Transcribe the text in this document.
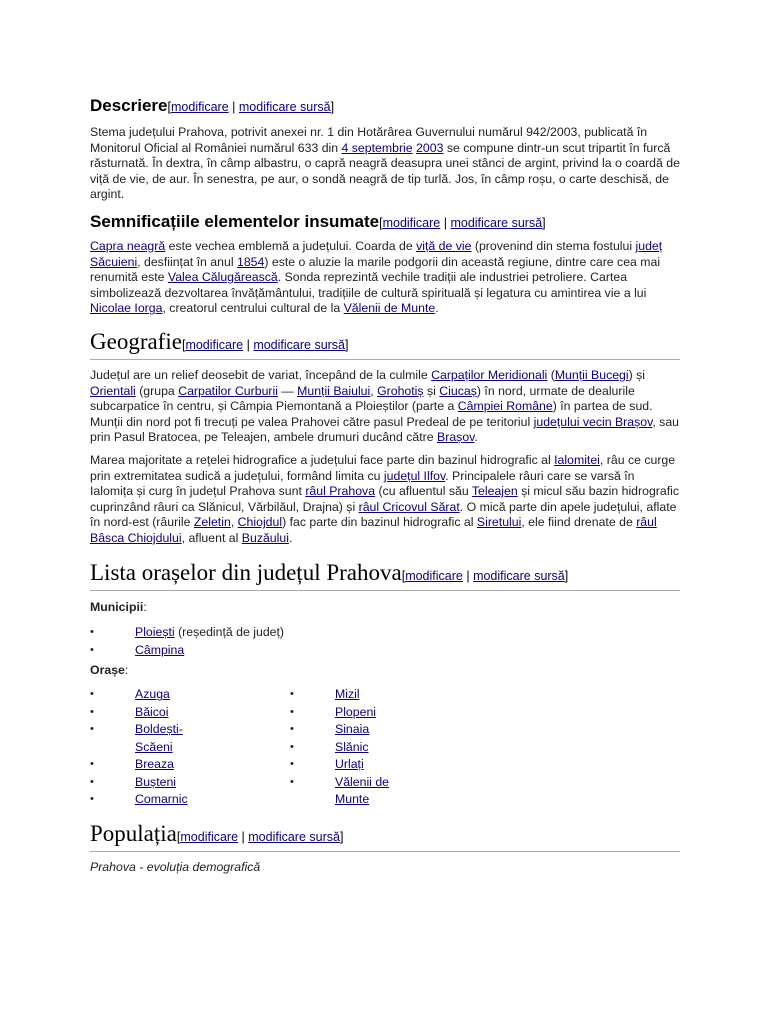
Descriere[modificare | modificare sursă]

Stema județului Prahova, potrivit anexei nr. 1 din Hotărârea Guvernului numărul 942/2003, publicată în Monitorul Oficial al României numărul 633 din 4 septembrie 2003 se compune dintr-un scut tripartit în furcă răsturnată. În dextra, în câmp albastru, o capră neagră deasupra unei stânci de argint, privind la o coardă de viță de vie, de aur. În senestra, pe aur, o sondă neagră de tip turlă. Jos, în câmp roșu, o carte deschisă, de argint.

Semnificațiile elementelor insumate[modificare | modificare sursă]

Capra neagră este vechea emblemă a județului. Coarda de viță de vie (provenind din stema fostului județ Săcuieni, desființat în anul 1854) este o aluzie la marile podgorii din această regiune, dintre care cea mai renumită este Valea Călugărească. Sonda reprezintă vechile tradiții ale industriei petroliere. Cartea simbolizează dezvoltarea învățământului, tradițiile de cultură spirituală și legatura cu amintirea vie a lui Nicolae Iorga, creatorul centrului cultural de la Vălenii de Munte.

Geografie[modificare | modificare sursă]

Județul are un relief deosebit de variat, începând de la culmile Carpaților Meridionali (Munții Bucegi) și Orientali (grupa Carpatilor Curburii — Munții Baiului, Grohotiș și Ciucaș) în nord, urmate de dealurile subcarpatice în centru, și Câmpia Piemontană a Ploieștilor (parte a Câmpiei Române) în partea de sud. Munții din nord pot fi trecuți pe valea Prahovei către pasul Predeal de pe teritoriul județului vecin Brașov, sau prin Pasul Bratocea, pe Teleajen, ambele drumuri ducând către Brașov.

Marea majoritate a rețelei hidrografice a județului face parte din bazinul hidrografic al Ialomitei, râu ce curge prin extremitatea sudică a județului, formând limita cu județul Ilfov. Principalele râuri care se varsă în Ialomița și curg în județul Prahova sunt râul Prahova (cu afluentul său Teleajen și micul său bazin hidrografic cuprinzând râuri ca Slănicul, Vărbilăul, Drajna) și râul Cricovul Sărat. O mică parte din apele județului, aflate în nord-est (râurile Zeletin, Chiojdul) fac parte din bazinul hidrografic al Siretului, ele fiind drenate de râul Bâsca Chiojdului, afluent al Buzăului.

Lista orașelor din județul Prahova[modificare | modificare sursă]

Municipii:

•	Ploiești (reședință de județ)
•	Câmpina

Orașe:

•	Azuga
•	Băicoi
•	Boldești-Scăeni
•	Breaza
•	Bușteni
•	Comarnic
•	Mizil
•	Plopeni
•	Sinaia
•	Slănic
•	Urlați
•	Vălenii de Munte
Populația[modificare | modificare sursă]

Prahova - evoluția demografică
